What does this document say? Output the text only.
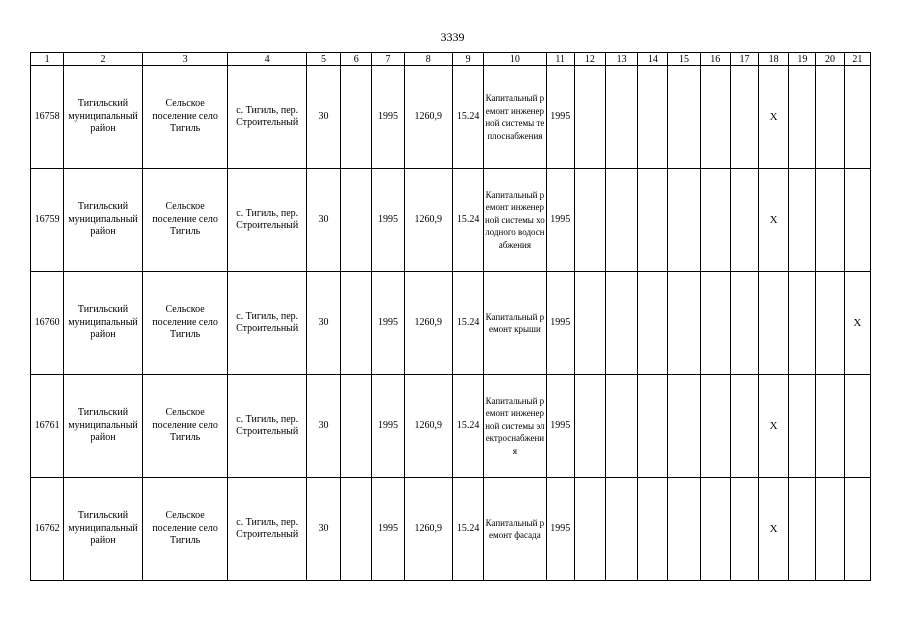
3339
1	2	3	4	5	6	7	8	9	10	11	12	13	14	15	16	17	18	19	20	21
16758	Тигильский муниципальный район	Сельское поселение село Тигиль	с. Тигиль, пер. Строительный	30		1995	1260,9	15.24	Капитальный ремонт инженерной системы теплоснабжения	1995							X			
16759	Тигильский муниципальный район	Сельское поселение село Тигиль	с. Тигиль, пер. Строительный	30		1995	1260,9	15.24	Капитальный ремонт инженерной системы холодного водоснабжения	1995							X			
16760	Тигильский муниципальный район	Сельское поселение село Тигиль	с. Тигиль, пер. Строительный	30		1995	1260,9	15.24	Капитальный ремонт крыши	1995										X
16761	Тигильский муниципальный район	Сельское поселение село Тигиль	с. Тигиль, пер. Строительный	30		1995	1260,9	15.24	Капитальный ремонт инженерной системы электроснабжения	1995							X			
16762	Тигильский муниципальный район	Сельское поселение село Тигиль	с. Тигиль, пер. Строительный	30		1995	1260,9	15.24	Капитальный ремонт фасада	1995							X			
